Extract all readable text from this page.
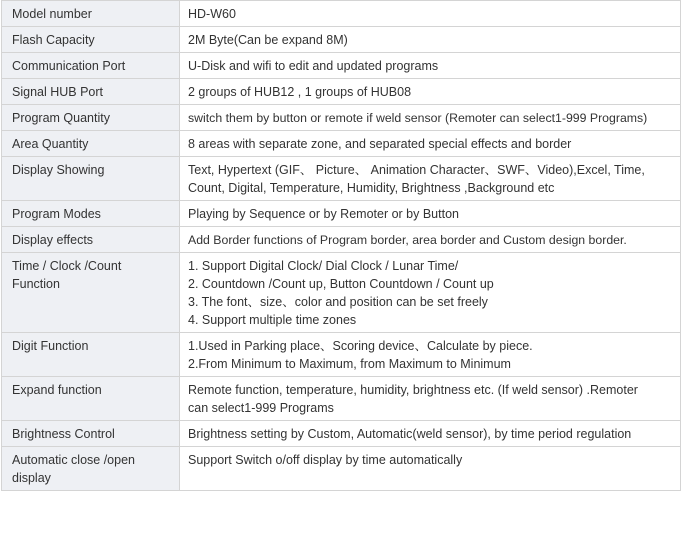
Model number	HD-W60

Flash Capacity	2M Byte(Can be expand 8M)

Communication Port	U-Disk and wifi to edit and updated programs

Signal HUB Port	2 groups of HUB12 , 1 groups of HUB08

Program Quantity	switch them by button or remote if weld sensor (Remoter can select1-999 Programs)

Area Quantity	8 areas with separate zone, and separated special effects and border

Display Showing	Text, Hypertext (GIF、 Picture、 Animation Character、SWF、Video),Excel, Time,
Count, Digital, Temperature, Humidity, Brightness ,Background etc

Program Modes	Playing by Sequence or by Remoter or by Button

Display effects	Add Border functions of Program border, area border and Custom design border.

Time / Clock /Count
Function	1. Support Digital Clock/ Dial Clock / Lunar Time/
2. Countdown /Count up, Button Countdown / Count up
3. The font、size、color and position can be set freely
4. Support multiple time zones

Digit Function	1.Used in Parking place、Scoring device、Calculate by piece.
2.From Minimum to Maximum, from Maximum to Minimum

Expand function	Remote function, temperature, humidity, brightness etc. (If weld sensor) .Remoter
can select1-999 Programs

Brightness Control	Brightness setting by Custom, Automatic(weld sensor), by time period regulation

Automatic close /open
display	Support Switch o/off display by time automatically
